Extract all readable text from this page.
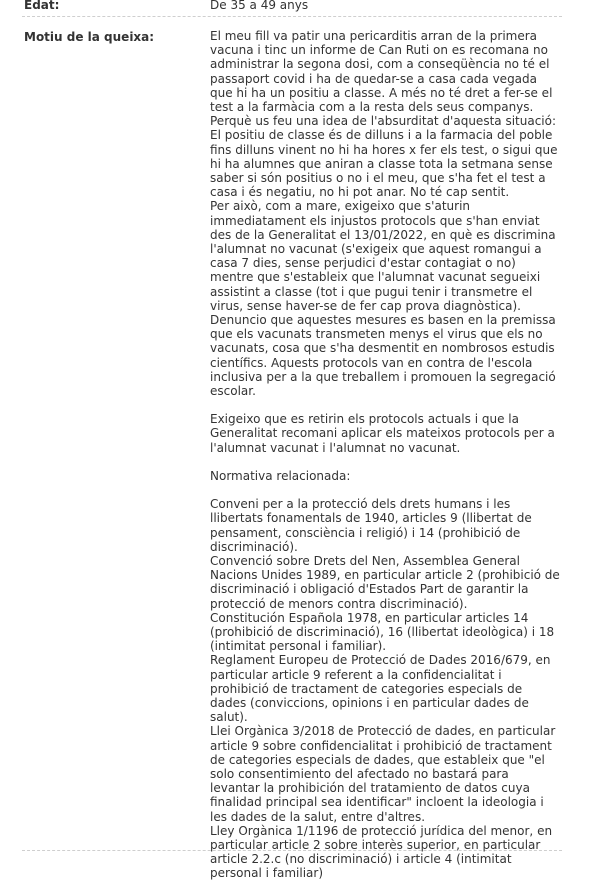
Edat:	De 35 a 49 anys
Motiu de la queixa:	El meu fill va patir una pericarditis arran de la primera vacuna i tinc un informe de Can Ruti on es recomana no administrar la segona dosi, com a conseqüència no té el passaport covid i ha de quedar-se a casa cada vegada que hi ha un positiu a classe. A més no té dret a fer-se el test a la farmàcia com a la resta dels seus companys. Perquè us feu una idea de l'absurditat d'aquesta situació:
El positiu de classe és de dilluns i a la farmacia del poble fins dilluns vinent no hi ha hores x fer els test, o sigui que hi ha alumnes que aniran a classe tota la setmana sense saber si són positius o no i el meu, que s'ha fet el test a casa i és negatiu, no hi pot anar. No té cap sentit.
Per això, com a mare, exigeixo que s'aturin immediatament els injustos protocols que s'han enviat des de la Generalitat el 13/01/2022, en què es discrimina l'alumnat no vacunat (s'exigeix que aquest romangui a casa 7 dies, sense perjudici d'estar contagiat o no) mentre que s'estableix que l'alumnat vacunat segueixi assistint a classe (tot i que pugui tenir i transmetre el virus, sense haver-se de fer cap prova diagnòstica).
Denuncio que aquestes mesures es basen en la premissa que els vacunats transmeten menys el virus que els no vacunats, cosa que s'ha desmentit en nombrosos estudis científics. Aquests protocols van en contra de l'escola inclusiva per a la que treballem i promouen la segregació escolar.

Exigeixo que es retirin els protocols actuals i que la Generalitat recomani aplicar els mateixos protocols per a l'alumnat vacunat i l'alumnat no vacunat.

Normativa relacionada:

Conveni per a la protecció dels drets humans i les llibertats fonamentals de 1940, articles 9 (llibertat de pensament, consciència i religió) i 14 (prohibició de discriminació).
Convenció sobre Drets del Nen, Assemblea General Nacions Unides 1989, en particular article 2 (prohibició de discriminació i obligació d'Estados Part de garantir la protecció de menors contra discriminació).
Constitución Española 1978, en particular articles 14 (prohibició de discriminació), 16 (llibertat ideològica) i 18 (intimitat personal i familiar).
Reglament Europeu de Protecció de Dades 2016/679, en particular article 9 referent a la confidencialitat i prohibició de tractament de categories especials de dades (conviccions, opinions i en particular dades de salut).
Llei Orgànica 3/2018 de Protecció de dades, en particular article 9 sobre confidencialitat i prohibició de tractament de categories especials de dades, que estableix que "el solo consentimiento del afectado no bastará para levantar la prohibición del tratamiento de datos cuya finalidad principal sea identificar" incloent la ideologia i les dades de la salut, entre d'altres.
Lley Orgànica 1/1196 de protecció jurídica del menor, en particular article 2 sobre interès superior, en particular article 2.2.c (no discriminació) i article 4 (intimitat personal i familiar)
